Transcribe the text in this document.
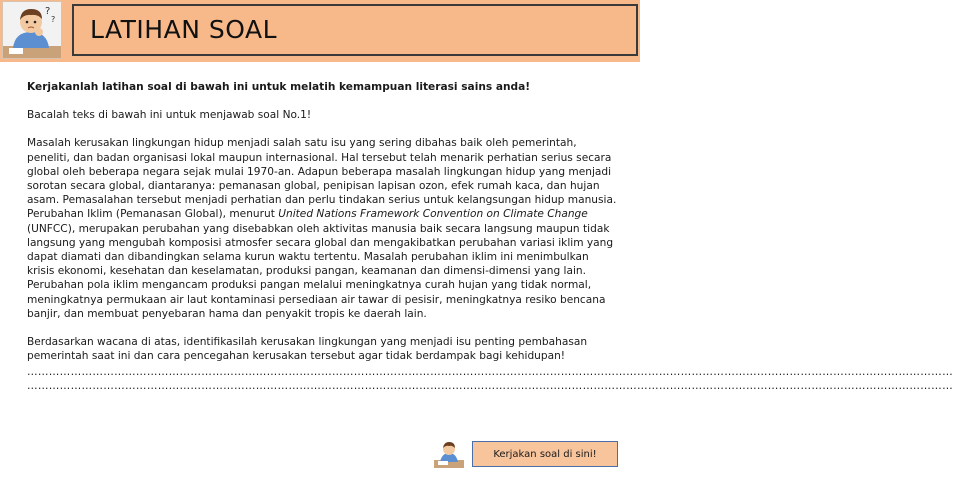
?
? LATIHAN SOAL

Kerjakanlah latihan soal di bawah ini untuk melatih kemampuan literasi sains anda!

Bacalah teks di bawah ini untuk menjawab soal No.1!

Masalah kerusakan lingkungan hidup menjadi salah satu isu yang sering dibahas baik oleh pemerintah, peneliti, dan badan organisasi lokal maupun internasional. Hal tersebut telah menarik perhatian serius secara global oleh beberapa negara sejak mulai 1970-an. Adapun beberapa masalah lingkungan hidup yang menjadi sorotan secara global, diantaranya: pemanasan global, penipisan lapisan ozon, efek rumah kaca, dan hujan asam. Pemasalahan tersebut menjadi perhatian dan perlu tindakan serius untuk kelangsungan hidup manusia. Perubahan Iklim (Pemanasan Global), menurut United Nations Framework Convention on Climate Change (UNFCC), merupakan perubahan yang disebabkan oleh aktivitas manusia baik secara langsung maupun tidak langsung yang mengubah komposisi atmosfer secara global dan mengakibatkan perubahan variasi iklim yang dapat diamati dan dibandingkan selama kurun waktu tertentu. Masalah perubahan iklim ini menimbulkan krisis ekonomi, kesehatan dan keselamatan, produksi pangan, keamanan dan dimensi-dimensi yang lain. Perubahan pola iklim mengancam produksi pangan melalui meningkatnya curah hujan yang tidak normal, meningkatnya permukaan air laut kontaminasi persediaan air tawar di pesisir, meningkatnya resiko bencana banjir, dan membuat penyebaran hama dan penyakit tropis ke daerah lain.

Berdasarkan wacana di atas, identifikasilah kerusakan lingkungan yang menjadi isu penting pembahasan pemerintah saat ini dan cara pencegahan kerusakan tersebut agar tidak berdampak bagi kehidupan!

…………………………………………………………………………………………………………………………………………………………………………………………………………………………………
…………………………………………………………………………………………………………………………………………………………………………………………………………………………………
Kerjakan soal di sini!
